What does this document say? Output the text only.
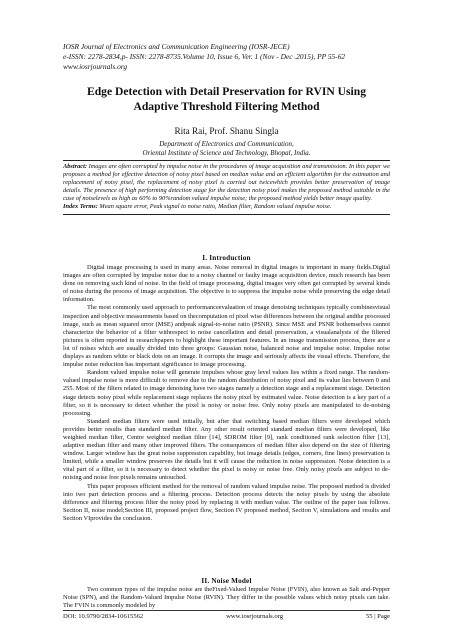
IOSR Journal of Electronics and Communication Engineering (IOSR-JECE)
e-ISSN: 2278-2834,p- ISSN: 2278-8735.Volume 10, Issue 6, Ver. 1 (Nov - Dec .2015), PP 55-62
www.iosrjournals.org
Edge Detection with Detail Preservation for RVIN Using
Adaptive Threshold Filtering Method
Rita Rai, Prof. Shanu Singla
Department of Electronics and Communication,
Oriental Institute of Science and Technology, Bhopal, India.

Abstract: Images are often corrupted by impulse noise in the procedures of image acquisition and transmission. In this paper we proposes a method for effective detection of noisy pixel based on median value and an efficient algorithm for the estimation and replacement of noisy pixel, the replacement of noisy pixel is carried out twicewhich provides better preservation of image details. The presence of high performing detection stage for the detection noisy pixel makes the proposed method suitable in the case of noiselevels as high as 60% to 90%random valued impulse noise; the proposed method yields better image quality.

Index Terms: Mean square error, Peak signal to noise ratio, Median filter, Random valued impulse noise.

I. Introduction

Digital image processing is used in many areas. Noise removal in digital images is important in many fields.Digital images are often corrupted by impulse noise due to a noisy channel or faulty image acquisition device, much research has been done on removing such kind of noise. In the field of image processing, digital images very often get corrupted by several kinds of noise during the process of image acquisition. The objective is to suppress the impulse noise while preserving the edge detail information.

The most commonly used approach to performanceevaluation of image denoising techniques typically combinesvisual inspection and objective measurements based on thecomputation of pixel wise differences between the original andthe processed image, such as mean squared error (MSE) andpeak signal-to-noise ratio (PSNR). Since MSE and PSNR bothemselves cannot characterize the behavior of a filter withrespect to noise cancellation and detail preservation, a visualanalysis of the filtered pictures is often reported in researchpapers to highlight these important features. In an image transmission process, there are a lot of noises which are usually divided into three groups: Gaussian noise, balanced noise and impulse noise. Impulse noise displays as random white or black dots on an image. It corrupts the image and seriously affects the visual effects. Therefore, the impulse noise reduction has important significance to image processing.

Random valued impulse noise will generate impulses whose gray level values lies within a fixed range. The random-valued impulse noise is more difficult to remove due to the random distribution of noisy pixel and its value lies between 0 and 255. Most of the filters related to image denoising have two stages namely a detection stage and a replacement stage. Detection stage detects noisy pixel while replacement stage replaces the noisy pixel by estimated value. Noise detection is a key part of a filter, so it is necessary to detect whether the pixel is noisy or noise free. Only noisy pixels are manipulated to de-noising processing.

Standard median filters were used initially, but after that switching based median filters were developed which provides better results than standard median filter. Any other result oriented standard median filters were developed, like weighted median filter, Centre weighted median filter [14], SDROM filter [9], rank conditioned rank selection filter [13], adaptive median filter and many other improved filters. The consequences of median filter also depend on the size of filtering window. Larger window has the great noise suppression capability, but image details (edges, corners, fine lines) preservation is limited, while a smaller window preserves the details but it will cause the reduction in noise suppression. Noise detection is a vital part of a filter, so it is necessary to detect whether the pixel is noisy or noise free. Only noisy pixels are subject to de-noising and noise free pixels remains untouched.

This paper proposes efficient method for the removal of random valued impulse noise. The proposed method is divided into two part detection process and a filtering process. Detection process detects the noisy pixels by using the absolute difference and filtering process filter the noisy pixel by replacing it with median value. The outline of the paper isas follows. Section II, noise model;Section III, proposed project flow, Section IV proposed method, Section V, simulations and results and Section VIprovides the conclusion.

II. Noise Model

Two common types of the impulse noise are theFixed-Valued Impulse Noise (FVIN), also known as Salt and-Pepper Noise (SPN), and the Random-Valued Impulse Noise (RVIN). They differ in the possible values which noisy pixels can take. The FVIN is commonly modeled by

DOI: 10.9790/2834-10615562	www.iosrjournals.org	55 | Page
